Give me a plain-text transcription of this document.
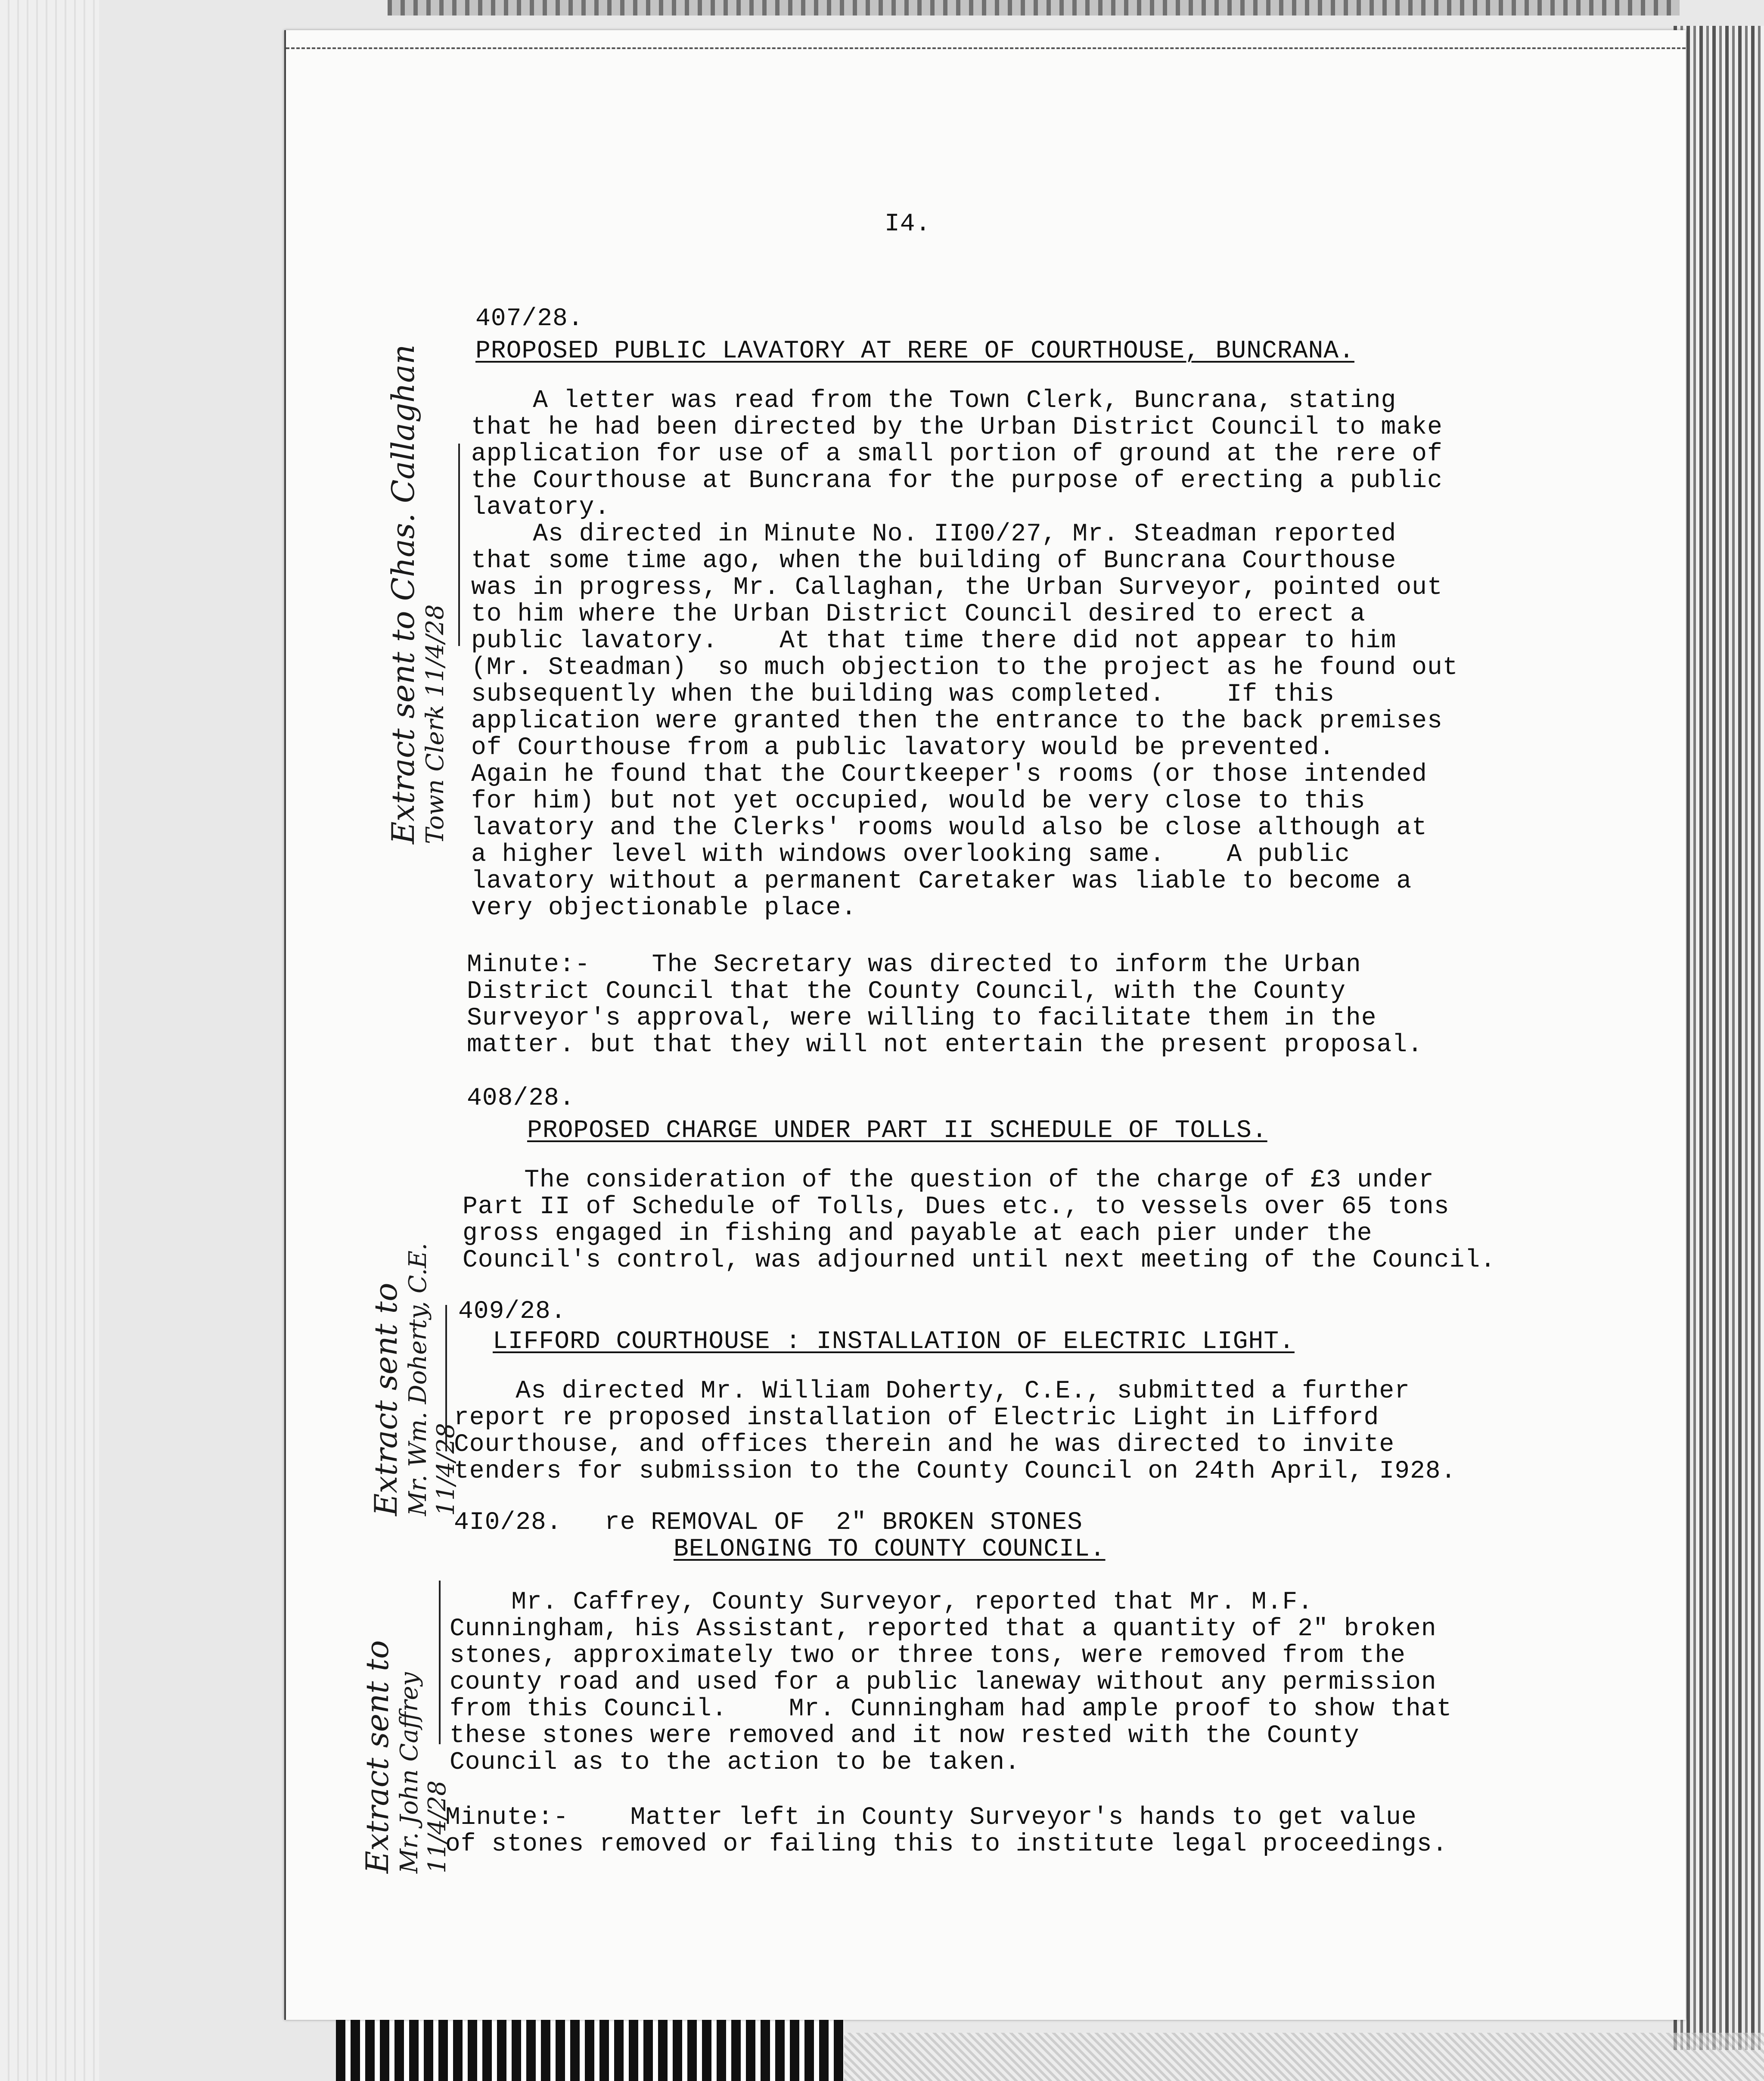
I4.
407/28.
PROPOSED PUBLIC LAVATORY AT RERE OF COURTHOUSE, BUNCRANA.
A letter was read from the Town Clerk, Buncrana, stating
that he had been directed by the Urban District Council to make
application for use of a small portion of ground at the rere of
the Courthouse at Buncrana for the purpose of erecting a public
lavatory.
As directed in Minute No. II00/27, Mr. Steadman reported
that some time ago, when the building of Buncrana Courthouse
was in progress, Mr. Callaghan, the Urban Surveyor, pointed out
to him where the Urban District Council desired to erect a
public lavatory.    At that time there did not appear to him
(Mr. Steadman)  so much objection to the project as he found out
subsequently when the building was completed.    If this
application were granted then the entrance to the back premises
of Courthouse from a public lavatory would be prevented.
Again he found that the Courtkeeper's rooms (or those intended
for him) but not yet occupied, would be very close to this
lavatory and the Clerks' rooms would also be close although at
a higher level with windows overlooking same.    A public
lavatory without a permanent Caretaker was liable to become a
very objectionable place.
Minute:-    The Secretary was directed to inform the Urban
District Council that the County Council, with the County
Surveyor's approval, were willing to facilitate them in the
matter. but that they will not entertain the present proposal.
Extract sent to Chas. Callaghan Town Clerk 11/4/28
408/28.
PROPOSED CHARGE UNDER PART II SCHEDULE OF TOLLS.
The consideration of the question of the charge of £3 under
Part II of Schedule of Tolls, Dues etc., to vessels over 65 tons
gross engaged in fishing and payable at each pier under the
Council's control, was adjourned until next meeting of the Council.
409/28.
LIFFORD COURTHOUSE : INSTALLATION OF ELECTRIC LIGHT.
As directed Mr. William Doherty, C.E., submitted a further
report re proposed installation of Electric Light in Lifford
Courthouse, and offices therein and he was directed to invite
tenders for submission to the County Council on 24th April, I928.
Extract sent to Mr. Wm. Doherty, C.E. 11/4/28
4I0/28. re REMOVAL OF  2" BROKEN STONES
BELONGING TO COUNTY COUNCIL.
Mr. Caffrey, County Surveyor, reported that Mr. M.F.
Cunningham, his Assistant, reported that a quantity of 2" broken
stones, approximately two or three tons, were removed from the
county road and used for a public laneway without any permission
from this Council.    Mr. Cunningham had ample proof to show that
these stones were removed and it now rested with the County
Council as to the action to be taken.
Minute:-    Matter left in County Surveyor's hands to get value
of stones removed or failing this to institute legal proceedings.
Extract sent to Mr. John Caffrey 11/4/28
